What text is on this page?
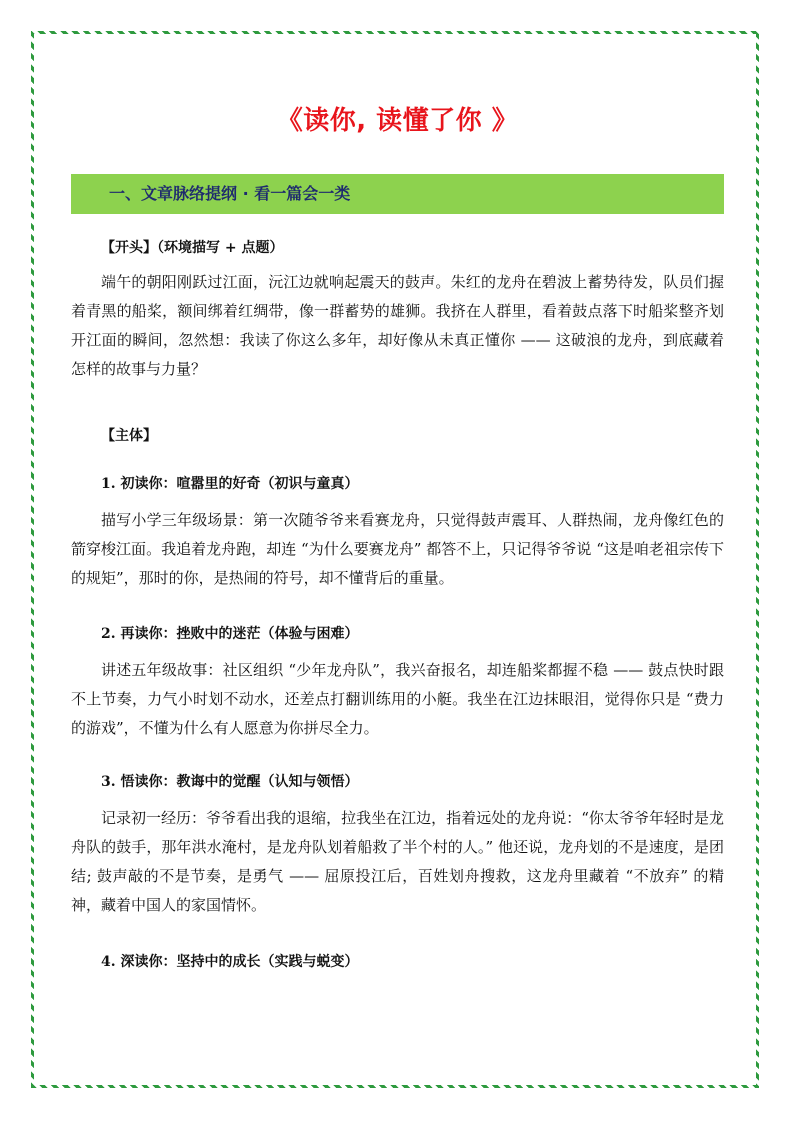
《读你, 读懂了你 》
一、文章脉络提纲 · 看一篇会一类
【开头】（环境描写 + 点题）

端午的朝阳刚跃过江面，沅江边就响起震天的鼓声。朱红的龙舟在碧波上蓄势待发，队员们握着青黑的船桨，额间绑着红绸带，像一群蓄势的雄狮。我挤在人群里，看着鼓点落下时船桨整齐划开江面的瞬间，忽然想：我读了你这么多年，却好像从未真正懂你 —— 这破浪的龙舟，到底藏着怎样的故事与力量？

【主体】
1. 初读你：喧嚣里的好奇（初识与童真）

描写小学三年级场景：第一次随爷爷来看赛龙舟，只觉得鼓声震耳、人群热闹，龙舟像红色的箭穿梭江面。我追着龙舟跑，却连 “为什么要赛龙舟” 都答不上，只记得爷爷说 “这是咱老祖宗传下的规矩”，那时的你，是热闹的符号，却不懂背后的重量。

2. 再读你：挫败中的迷茫（体验与困难）

讲述五年级故事：社区组织 “少年龙舟队”，我兴奋报名，却连船桨都握不稳 —— 鼓点快时跟不上节奏，力气小时划不动水，还差点打翻训练用的小艇。我坐在江边抹眼泪，觉得你只是 “费力的游戏”，不懂为什么有人愿意为你拼尽全力。

3. 悟读你：教诲中的觉醒（认知与领悟）

记录初一经历：爷爷看出我的退缩，拉我坐在江边，指着远处的龙舟说：“你太爷爷年轻时是龙舟队的鼓手，那年洪水淹村，是龙舟队划着船救了半个村的人。” 他还说，龙舟划的不是速度，是团结; 鼓声敲的不是节奏，是勇气 —— 屈原投江后，百姓划舟搜救，这龙舟里藏着 “不放弃” 的精神，藏着中国人的家国情怀。

4. 深读你：坚持中的成长（实践与蜕变）
